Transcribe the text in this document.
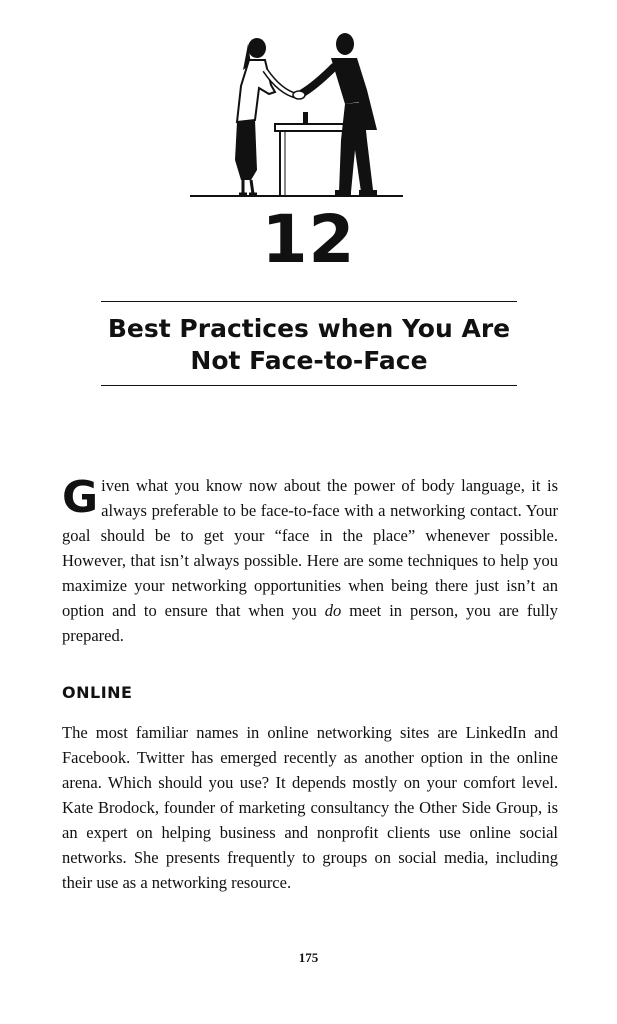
12
Best Practices when You Are
Not Face-to-Face
Given what you know now about the power of body language, it is always preferable to be face-to-face with a networking contact. Your goal should be to get your “face in the place” whenever possible. However, that isn’t always possible. Here are some techniques to help you maximize your networking opportunities when being there just isn’t an option and to ensure that when you do meet in person, you are fully prepared.
ONLINE
The most familiar names in online networking sites are LinkedIn and Facebook. Twitter has emerged recently as another option in the online arena. Which should you use? It depends mostly on your comfort level. Kate Brodock, founder of marketing consultancy the Other Side Group, is an expert on helping business and nonprofit clients use online social networks. She presents frequently to groups on social media, including their use as a networking resource.
175
